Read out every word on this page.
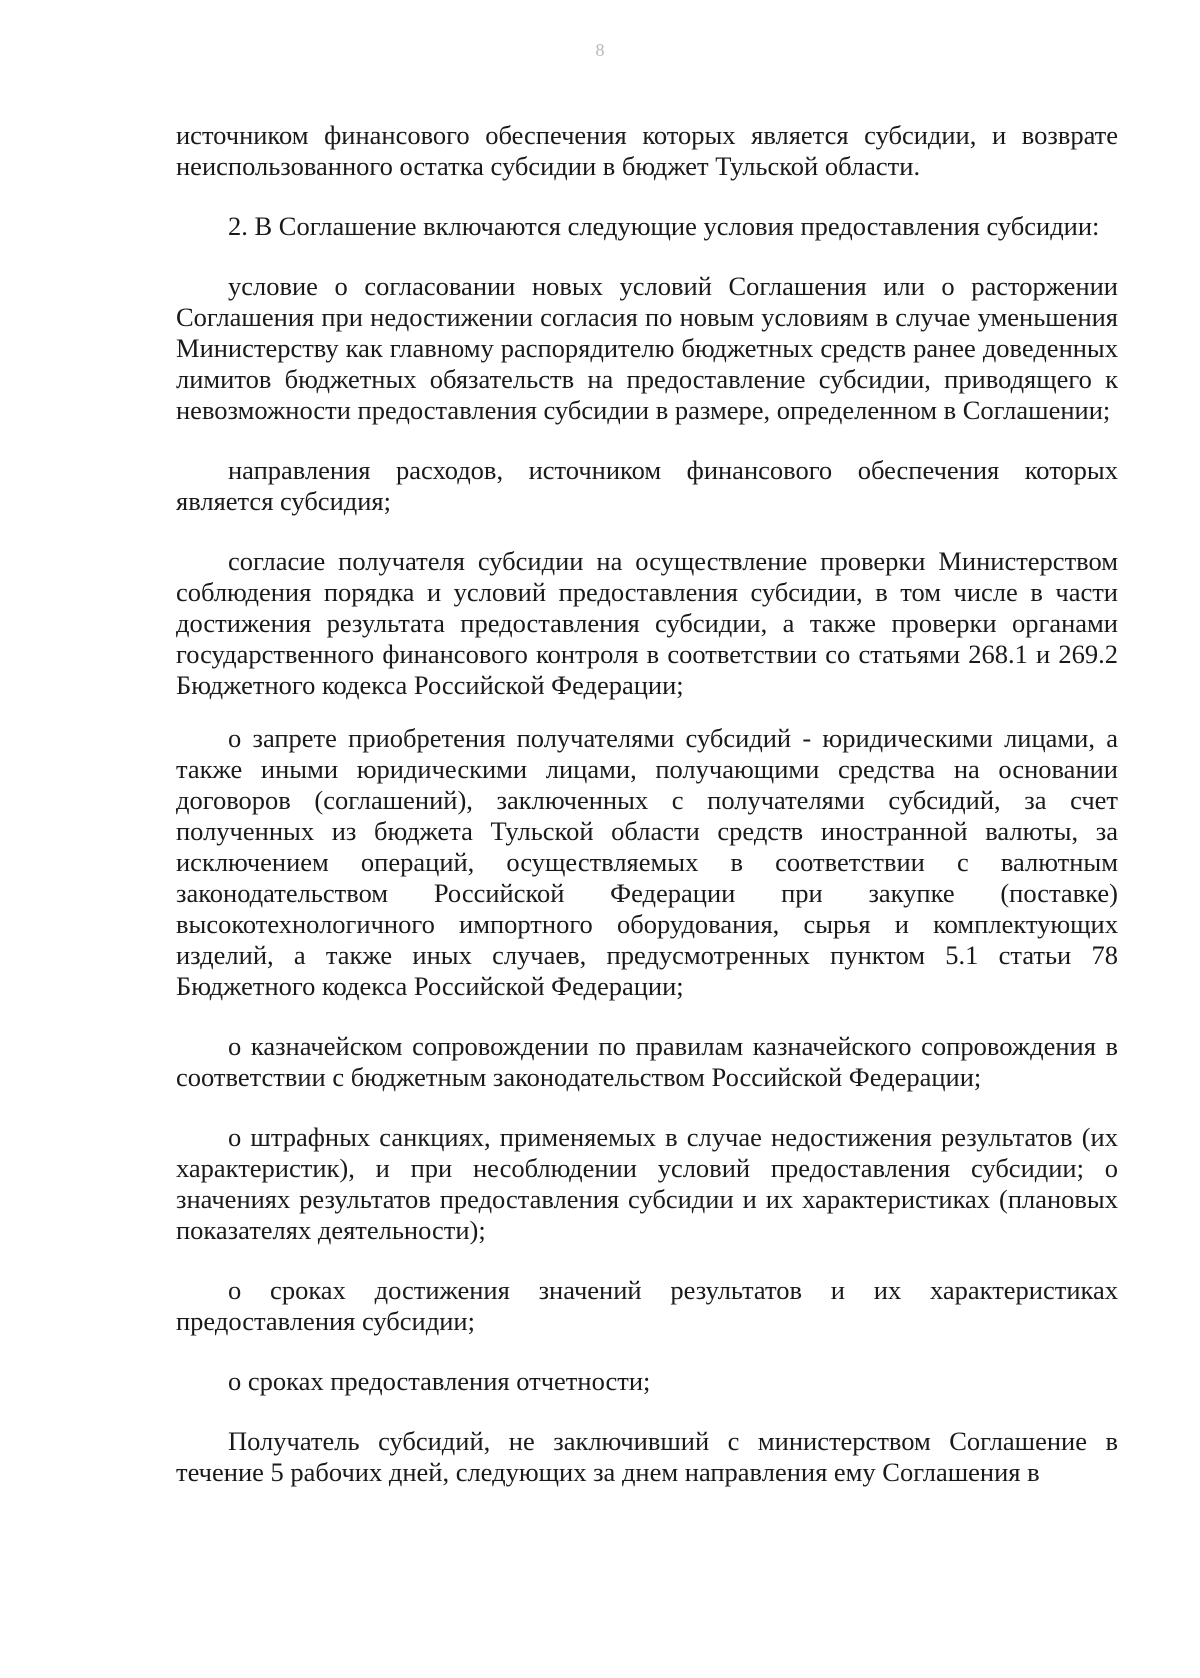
8

источником финансового обеспечения которых является субсидии, и возврате неиспользованного остатка субсидии в бюджет Тульской области.

2. В Соглашение включаются следующие условия предоставления субсидии:

условие о согласовании новых условий Соглашения или о расторжении Соглашения при недостижении согласия по новым условиям в случае уменьшения Министерству как главному распорядителю бюджетных средств ранее доведенных лимитов бюджетных обязательств на предоставление субсидии, приводящего к невозможности предоставления субсидии в размере, определенном в Соглашении;

направления расходов, источником финансового обеспечения которых является субсидия;

согласие получателя субсидии на осуществление проверки Министерством соблюдения порядка и условий предоставления субсидии, в том числе в части достижения результата предоставления субсидии, а также проверки органами государственного финансового контроля в соответствии со статьями 268.1 и 269.2 Бюджетного кодекса Российской Федерации;

о запрете приобретения получателями субсидий - юридическими лицами, а также иными юридическими лицами, получающими средства на основании договоров (соглашений), заключенных с получателями субсидий, за счет полученных из бюджета Тульской области средств иностранной валюты, за исключением операций, осуществляемых в соответствии с валютным законодательством Российской Федерации при закупке (поставке) высокотехнологичного импортного оборудования, сырья и комплектующих изделий, а также иных случаев, предусмотренных пунктом 5.1 статьи 78 Бюджетного кодекса Российской Федерации;

о казначейском сопровождении по правилам казначейского сопровождения в соответствии с бюджетным законодательством Российской Федерации;

о штрафных санкциях, применяемых в случае недостижения результатов (их характеристик), и при несоблюдении условий предоставления субсидии; о значениях результатов предоставления субсидии и их характеристиках (плановых показателях деятельности);

о сроках достижения значений результатов и их характеристиках предоставления субсидии;

о сроках предоставления отчетности;

Получатель субсидий, не заключивший с министерством Соглашение в течение 5 рабочих дней, следующих за днем направления ему Соглашения в
